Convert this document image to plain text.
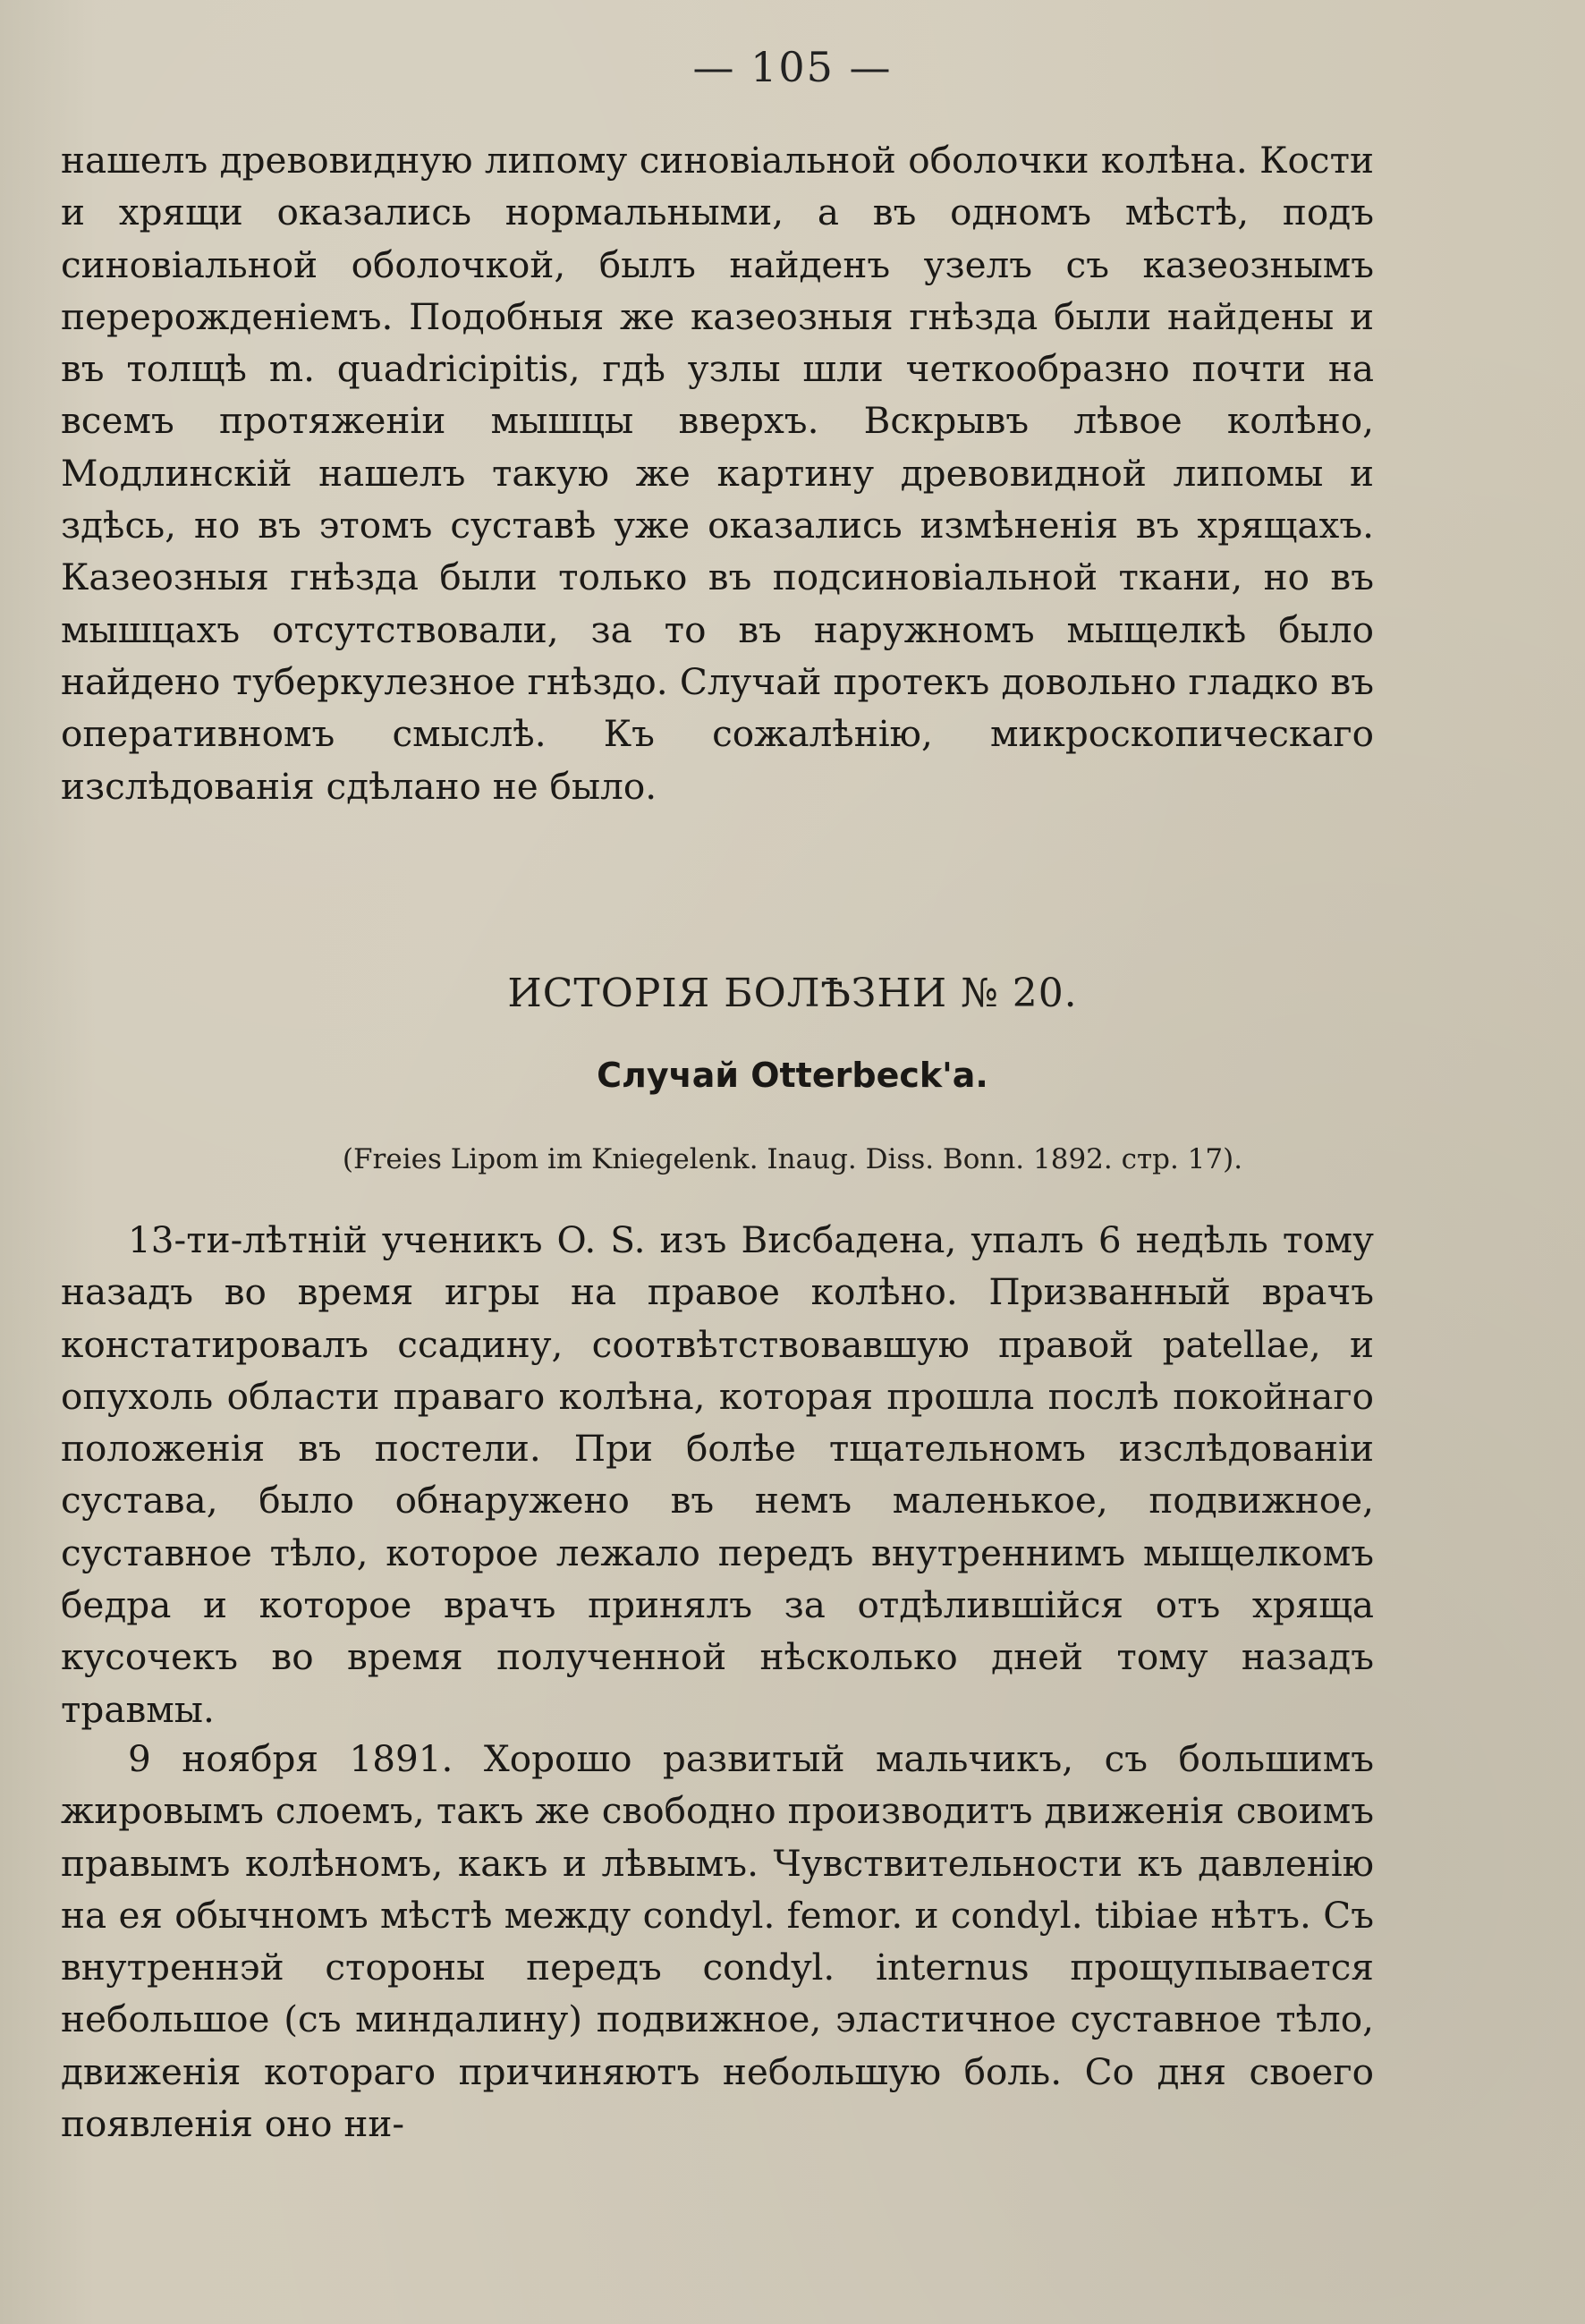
— 105 —

нашелъ древовидную липому синовiальной оболочки колѣна. Кости и хрящи оказались нормальными, а въ одномъ мѣстѣ, подъ синовiальной оболочкой, былъ найденъ узелъ съ казеознымъ перерожденiемъ. Подобныя же казеозныя гнѣзда были найдены и въ толщѣ m. quadricipitis, гдѣ узлы шли четкообразно почти на всемъ протяженiи мышцы вверхъ. Вскрывъ лѣвое колѣно, Модлинскiй нашелъ такую же картину древовидной липомы и здѣсь, но въ этомъ суставѣ уже оказались измѣненiя въ хрящахъ. Казеозныя гнѣзда были только въ подсиновiальной ткани, но въ мышцахъ отсутствовали, за то въ наружномъ мыщелкѣ было найдено туберкулезное гнѣздо. Случай протекъ довольно гладко въ оперативномъ смыслѣ. Къ сожалѣнiю, микроскопическаго изслѣдованiя сдѣлано не было.

ИСТОРIЯ БОЛѢЗНИ № 20.
Случай Otterbeck'а.
(Freies Lipom im Kniegelenk. Inaug. Diss. Bonn. 1892. стр. 17).

13-ти-лѣтнiй ученикъ O. S. изъ Висбадена, упалъ 6 недѣль тому назадъ во время игры на правое колѣно. Призванный врачъ констатировалъ ссадину, соотвѣтствовавшую правой patellae, и опухоль области праваго колѣна, которая прошла послѣ покойнаго положенiя въ постели. При болѣе тщательномъ изслѣдованiи сустава, было обнаружено въ немъ маленькое, подвижное, суставное тѣло, которое лежало передъ внутреннимъ мыщелкомъ бедра и которое врачъ принялъ за отдѣлившiйся отъ хряща кусочекъ во время полученной нѣсколько дней тому назадъ травмы.

9 ноября 1891. Хорошо развитый мальчикъ, съ большимъ жировымъ слоемъ, такъ же свободно производитъ движенiя своимъ правымъ колѣномъ, какъ и лѣвымъ. Чувствительности къ давленiю на ея обычномъ мѣстѣ между condyl. femor. и condyl. tibiae нѣтъ. Съ внутреннэй стороны передъ condyl. internus прощупывается небольшое (съ миндалину) подвижное, эластичное суставное тѣло, движенiя котораго причиняютъ небольшую боль. Со дня своего появленiя оно ни-
